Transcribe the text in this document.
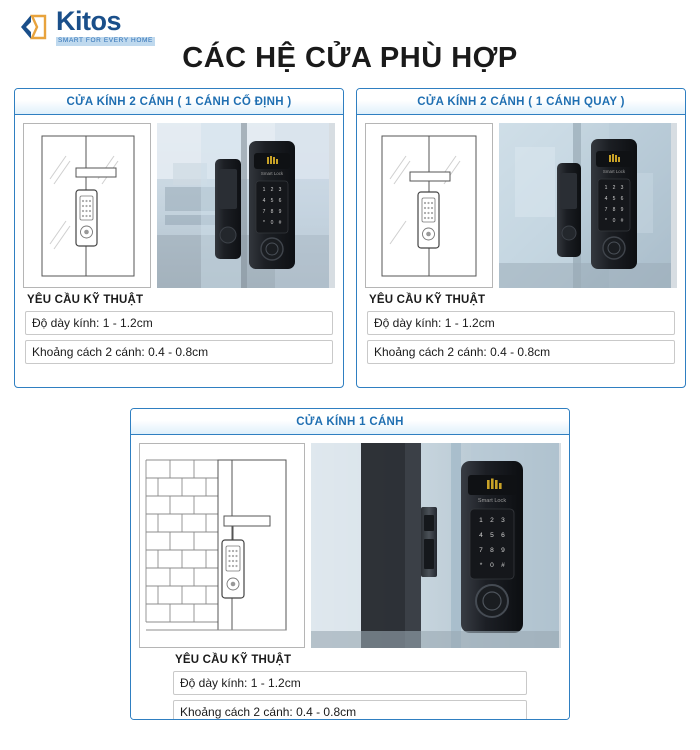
Kitos
SMART FOR EVERY HOME
CÁC HỆ CỬA PHÙ HỢP
CỬA KÍNH 2 CÁNH ( 1 CÁNH CỐ ĐỊNH )
Smart Lock
1 2 3
4 5 6
7 8 9
* 0 #
YÊU CẦU KỸ THUẬT
Độ dày kính: 1 - 1.2cm
Khoảng cách 2 cánh: 0.4 - 0.8cm
CỬA KÍNH 2 CÁNH ( 1 CÁNH QUAY )
Smart Lock
1 2 3
4 5 6
7 8 9
* 0 #
YÊU CẦU KỸ THUẬT
Độ dày kính: 1 - 1.2cm
Khoảng cách 2 cánh: 0.4 - 0.8cm
CỬA KÍNH 1 CÁNH
Smart Lock
1 2 3
4 5 6
7 8 9
* 0 #
YÊU CẦU KỸ THUẬT
Độ dày kính: 1 - 1.2cm
Khoảng cách 2 cánh: 0.4 - 0.8cm
